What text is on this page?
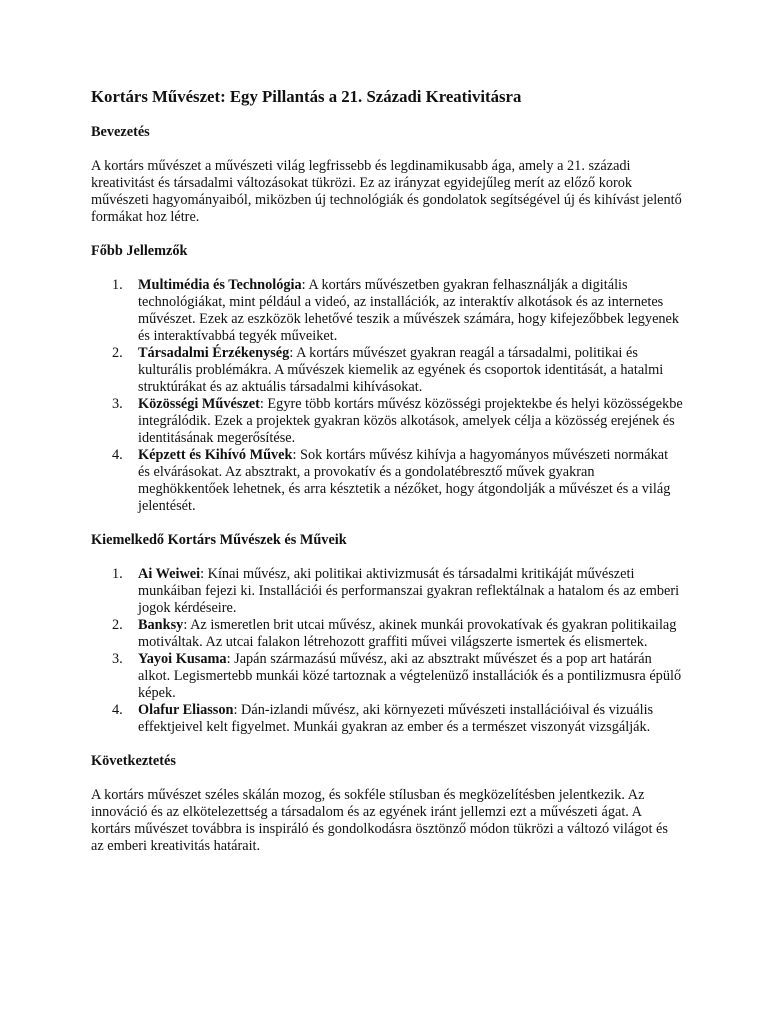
Kortárs Művészet: Egy Pillantás a 21. Századi Kreativitásra
Bevezetés

A kortárs művészet a művészeti világ legfrissebb és legdinamikusabb ága, amely a 21. századi kreativitást és társadalmi változásokat tükrözi. Ez az irányzat egyidejűleg merít az előző korok művészeti hagyományaiból, miközben új technológiák és gondolatok segítségével új és kihívást jelentő formákat hoz létre.

Főbb Jellemzők
Multimédia és Technológia: A kortárs művészetben gyakran felhasználják a digitális technológiákat, mint például a videó, az installációk, az interaktív alkotások és az internetes művészet. Ezek az eszközök lehetővé teszik a művészek számára, hogy kifejezőbbek legyenek és interaktívabbá tegyék műveiket.
Társadalmi Érzékenység: A kortárs művészet gyakran reagál a társadalmi, politikai és kulturális problémákra. A művészek kiemelik az egyének és csoportok identitását, a hatalmi struktúrákat és az aktuális társadalmi kihívásokat.
Közösségi Művészet: Egyre több kortárs művész közösségi projektekbe és helyi közösségekbe integrálódik. Ezek a projektek gyakran közös alkotások, amelyek célja a közösség erejének és identitásának megerősítése.
Képzett és Kihívó Művek: Sok kortárs művész kihívja a hagyományos művészeti normákat és elvárásokat. Az absztrakt, a provokatív és a gondolatébresztő művek gyakran meghökkentőek lehetnek, és arra késztetik a nézőket, hogy átgondolják a művészet és a világ jelentését.
Kiemelkedő Kortárs Művészek és Műveik
Ai Weiwei: Kínai művész, aki politikai aktivizmusát és társadalmi kritikáját művészeti munkáiban fejezi ki. Installációi és performanszai gyakran reflektálnak a hatalom és az emberi jogok kérdéseire.
Banksy: Az ismeretlen brit utcai művész, akinek munkái provokatívak és gyakran politikailag motiváltak. Az utcai falakon létrehozott graffiti művei világszerte ismertek és elismertek.
Yayoi Kusama: Japán származású művész, aki az absztrakt művészet és a pop art határán alkot. Legismertebb munkái közé tartoznak a végtelenüző installációk és a pontilizmusra épülő képek.
Olafur Eliasson: Dán-izlandi művész, aki környezeti művészeti installációival és vizuális effektjeivel kelt figyelmet. Munkái gyakran az ember és a természet viszonyát vizsgálják.
Következtetés

A kortárs művészet széles skálán mozog, és sokféle stílusban és megközelítésben jelentkezik. Az innováció és az elkötelezettség a társadalom és az egyének iránt jellemzi ezt a művészeti ágat. A kortárs művészet továbbra is inspiráló és gondolkodásra ösztönző módon tükrözi a változó világot és az emberi kreativitás határait.
